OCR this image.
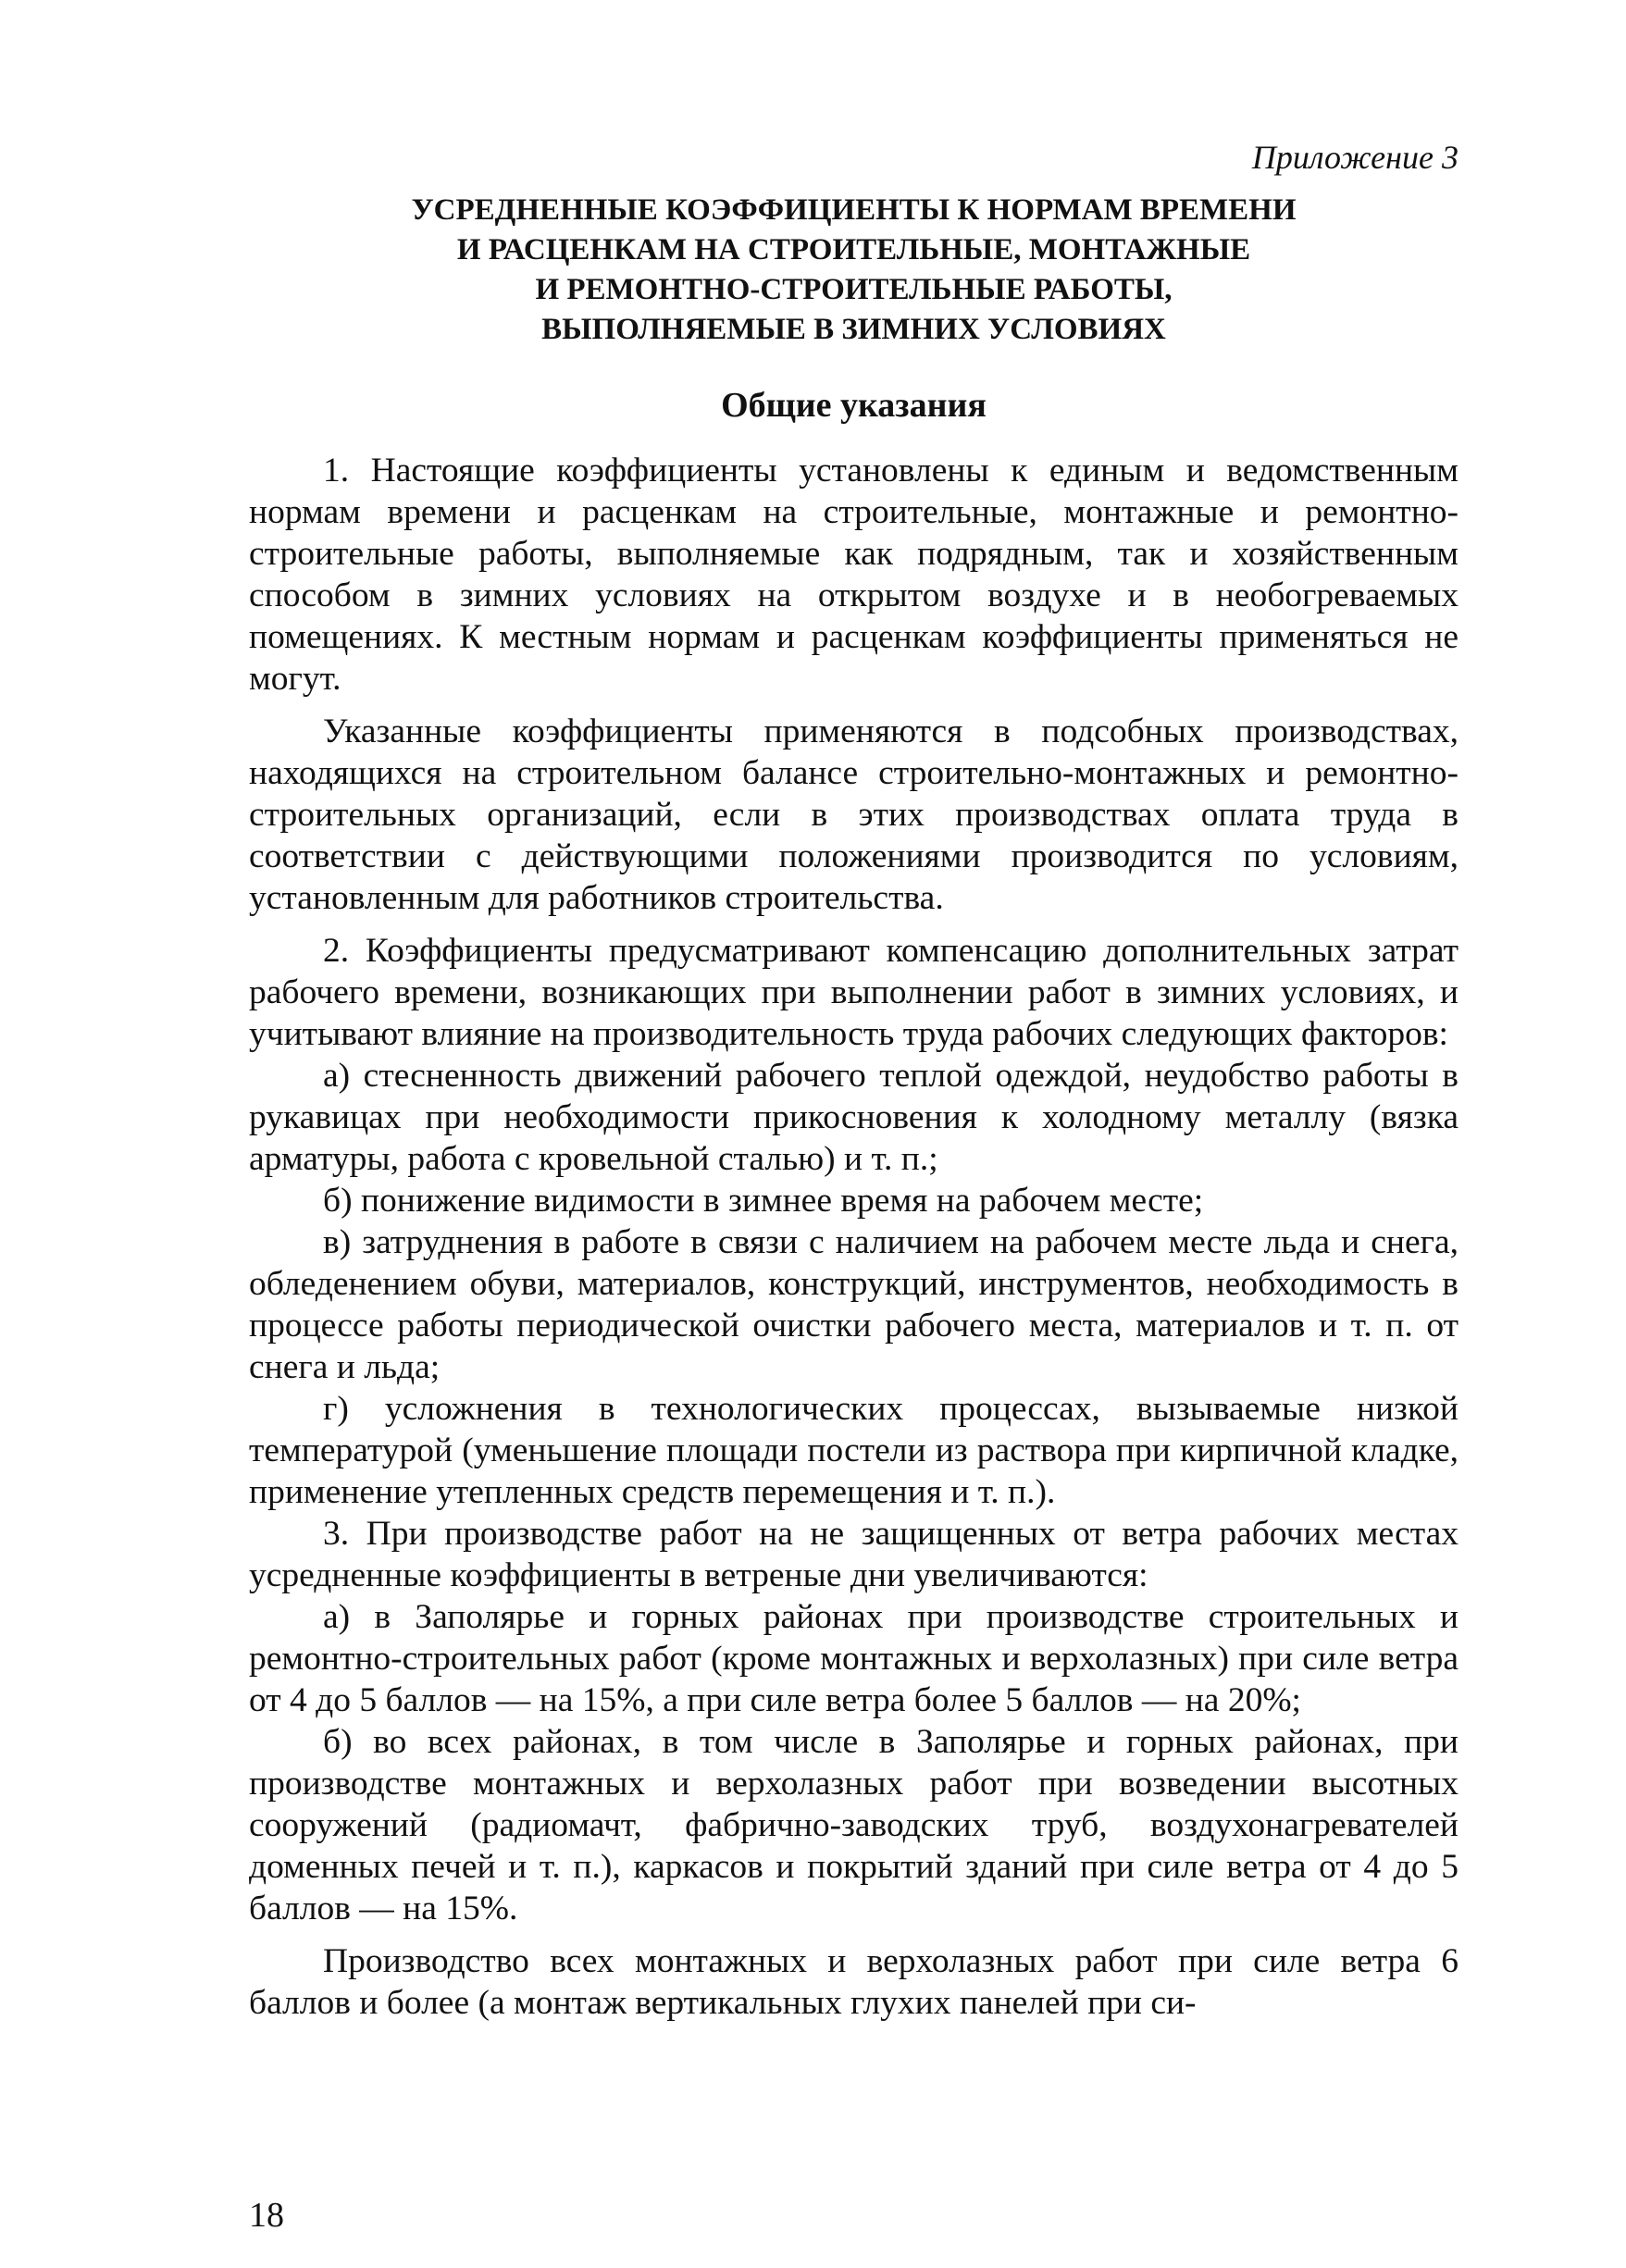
Приложение 3

УСРЕДНЕННЫЕ КОЭФФИЦИЕНТЫ К НОРМАМ ВРЕМЕНИ
И РАСЦЕНКАМ НА СТРОИТЕЛЬНЫЕ, МОНТАЖНЫЕ
И РЕМОНТНО-СТРОИТЕЛЬНЫЕ РАБОТЫ,
ВЫПОЛНЯЕМЫЕ В ЗИМНИХ УСЛОВИЯХ
Общие указания

1. Настоящие коэффициенты установлены к единым и ведомственным нормам времени и расценкам на строительные, монтажные и ремонтно-строительные работы, выполняемые как подрядным, так и хозяйственным способом в зимних условиях на открытом воздухе и в необогреваемых помещениях. К местным нормам и расценкам коэффициенты применяться не могут.

Указанные коэффициенты применяются в подсобных производствах, находящихся на строительном балансе строительно-монтажных и ремонтно-строительных организаций, если в этих производствах оплата труда в соответствии с действующими положениями производится по условиям, установленным для работников строительства.

2. Коэффициенты предусматривают компенсацию дополнительных затрат рабочего времени, возникающих при выполнении работ в зимних условиях, и учитывают влияние на производительность труда рабочих следующих факторов:

а) стесненность движений рабочего теплой одеждой, неудобство работы в рукавицах при необходимости прикосновения к холодному металлу (вязка арматуры, работа с кровельной сталью) и т. п.;

б) понижение видимости в зимнее время на рабочем месте;

в) затруднения в работе в связи с наличием на рабочем месте льда и снега, обледенением обуви, материалов, конструкций, инструментов, необходимость в процессе работы периодической очистки рабочего места, материалов и т. п. от снега и льда;

г) усложнения в технологических процессах, вызываемые низкой температурой (уменьшение площади постели из раствора при кирпичной кладке, применение утепленных средств перемещения и т. п.).

3. При производстве работ на не защищенных от ветра рабочих местах усредненные коэффициенты в ветреные дни увеличиваются:

а) в Заполярье и горных районах при производстве строительных и ремонтно-строительных работ (кроме монтажных и верхолазных) при силе ветра от 4 до 5 баллов — на 15%, а при силе ветра более 5 баллов — на 20%;

б) во всех районах, в том числе в Заполярье и горных районах, при производстве монтажных и верхолазных работ при возведении высотных сооружений (радиомачт, фабрично-заводских труб, воздухонагревателей доменных печей и т. п.), каркасов и покрытий зданий при силе ветра от 4 до 5 баллов — на 15%.

Производство всех монтажных и верхолазных работ при силе ветра 6 баллов и более (а монтаж вертикальных глухих панелей при си-

18
